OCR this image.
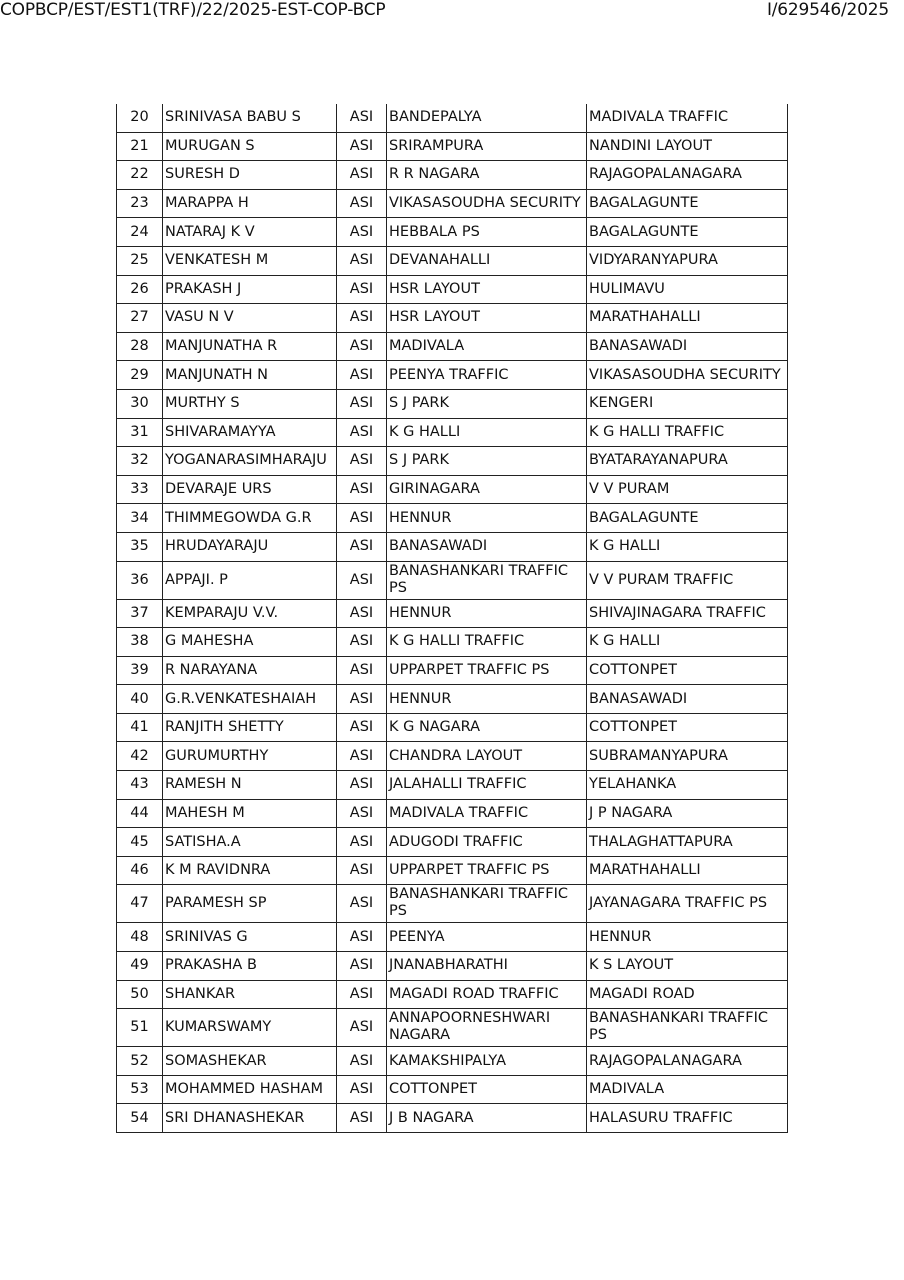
COPBCP/EST/EST1(TRF)/22/2025-EST-COP-BCP	I/629546/2025
20	SRINIVASA BABU S	ASI	BANDEPALYA	MADIVALA TRAFFIC
21	MURUGAN S	ASI	SRIRAMPURA	NANDINI LAYOUT
22	SURESH D	ASI	R R NAGARA	RAJAGOPALANAGARA
23	MARAPPA H	ASI	VIKASASOUDHA SECURITY	BAGALAGUNTE
24	NATARAJ K V	ASI	HEBBALA PS	BAGALAGUNTE
25	VENKATESH M	ASI	DEVANAHALLI	VIDYARANYAPURA
26	PRAKASH J	ASI	HSR LAYOUT	HULIMAVU
27	VASU N V	ASI	HSR LAYOUT	MARATHAHALLI
28	MANJUNATHA R	ASI	MADIVALA	BANASAWADI
29	MANJUNATH N	ASI	PEENYA TRAFFIC	VIKASASOUDHA SECURITY
30	MURTHY S	ASI	S J PARK	KENGERI
31	SHIVARAMAYYA	ASI	K G HALLI	K G HALLI TRAFFIC
32	YOGANARASIMHARAJU	ASI	S J PARK	BYATARAYANAPURA
33	DEVARAJE URS	ASI	GIRINAGARA	V V PURAM
34	THIMMEGOWDA G.R	ASI	HENNUR	BAGALAGUNTE
35	HRUDAYARAJU	ASI	BANASAWADI	K G HALLI
36	APPAJI. P	ASI	BANASHANKARI TRAFFIC PS	V V PURAM TRAFFIC
37	KEMPARAJU V.V.	ASI	HENNUR	SHIVAJINAGARA TRAFFIC
38	G MAHESHA	ASI	K G HALLI TRAFFIC	K G HALLI
39	R NARAYANA	ASI	UPPARPET TRAFFIC PS	COTTONPET
40	G.R.VENKATESHAIAH	ASI	HENNUR	BANASAWADI
41	RANJITH SHETTY	ASI	K G NAGARA	COTTONPET
42	GURUMURTHY	ASI	CHANDRA LAYOUT	SUBRAMANYAPURA
43	RAMESH N	ASI	JALAHALLI TRAFFIC	YELAHANKA
44	MAHESH M	ASI	MADIVALA TRAFFIC	J P NAGARA
45	SATISHA.A	ASI	ADUGODI TRAFFIC	THALAGHATTAPURA
46	K M RAVIDNRA	ASI	UPPARPET TRAFFIC PS	MARATHAHALLI
47	PARAMESH SP	ASI	BANASHANKARI TRAFFIC PS	JAYANAGARA TRAFFIC PS
48	SRINIVAS G	ASI	PEENYA	HENNUR
49	PRAKASHA B	ASI	JNANABHARATHI	K S LAYOUT
50	SHANKAR	ASI	MAGADI ROAD TRAFFIC	MAGADI ROAD
51	KUMARSWAMY	ASI	ANNAPOORNESHWARI NAGARA	BANASHANKARI TRAFFIC PS
52	SOMASHEKAR	ASI	KAMAKSHIPALYA	RAJAGOPALANAGARA
53	MOHAMMED HASHAM	ASI	COTTONPET	MADIVALA
54	SRI DHANASHEKAR	ASI	J B NAGARA	HALASURU TRAFFIC
